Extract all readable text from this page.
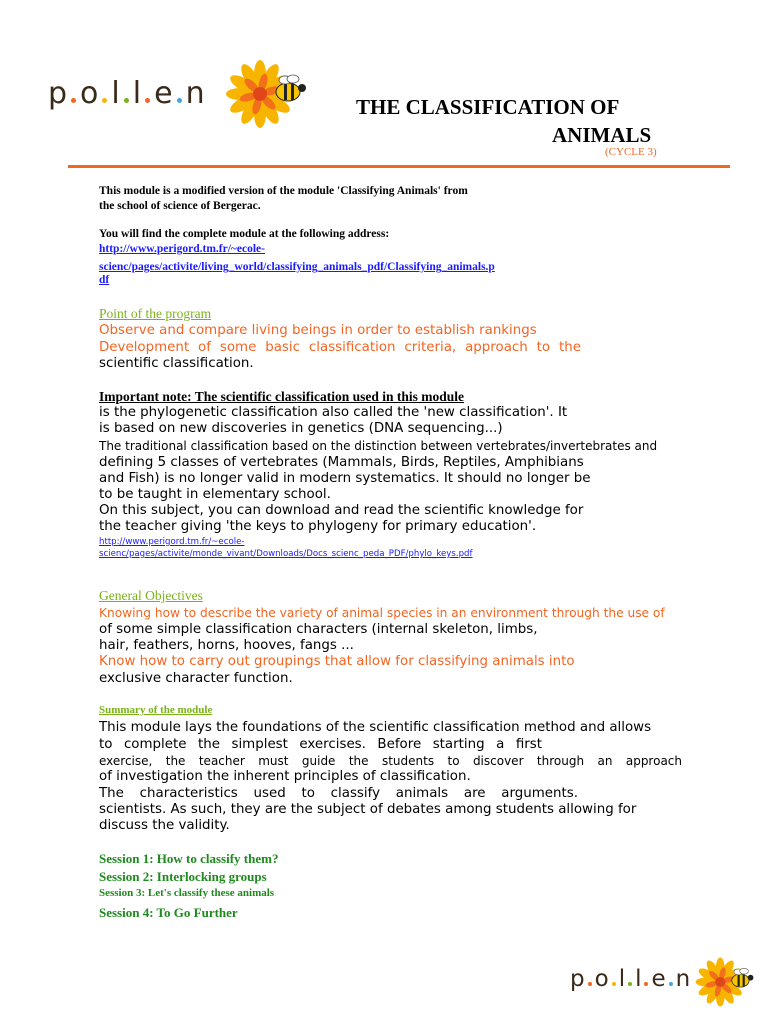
p o l l e n	THE CLASSIFICATION OF
ANIMALS
(CYCLE 3)
This module is a modified version of the module 'Classifying Animals' from
the school of science of Bergerac.
You will find the complete module at the following address:
http://www.perigord.tm.fr/~ecole-
scienc/pages/activite/living_world/classifying_animals_pdf/Classifying_animals.p
df
Point of the program
Observe and compare living beings in order to establish rankings
Development of some basic classification criteria, approach to the
scientific classification.
Important note: The scientific classification used in this module
is the phylogenetic classification also called the 'new classification'. It
is based on new discoveries in genetics (DNA sequencing...)
The traditional classification based on the distinction between vertebrates/invertebrates and
defining 5 classes of vertebrates (Mammals, Birds, Reptiles, Amphibians
and Fish) is no longer valid in modern systematics. It should no longer be
to be taught in elementary school.
On this subject, you can download and read the scientific knowledge for
the teacher giving 'the keys to phylogeny for primary education'.
http://www.perigord.tm.fr/~ecole-
scienc/pages/activite/monde_vivant/Downloads/Docs_scienc_peda_PDF/phylo_keys.pdf
General Objectives
Knowing how to describe the variety of animal species in an environment through the use of
of some simple classification characters (internal skeleton, limbs,
hair, feathers, horns, hooves, fangs ...
Know how to carry out groupings that allow for classifying animals into
exclusive character function.
Summary of the module
This module lays the foundations of the scientific classification method and allows
to complete the simplest exercises. Before starting a first
exercise, the teacher must guide the students to discover through an approach
of investigation the inherent principles of classification.
The characteristics used to classify animals are arguments.
scientists. As such, they are the subject of debates among students allowing for
discuss the validity.
Session 1: How to classify them?
Session 2: Interlocking groups
Session 3: Let's classify these animals
Session 4: To Go Further
p o l l e n
